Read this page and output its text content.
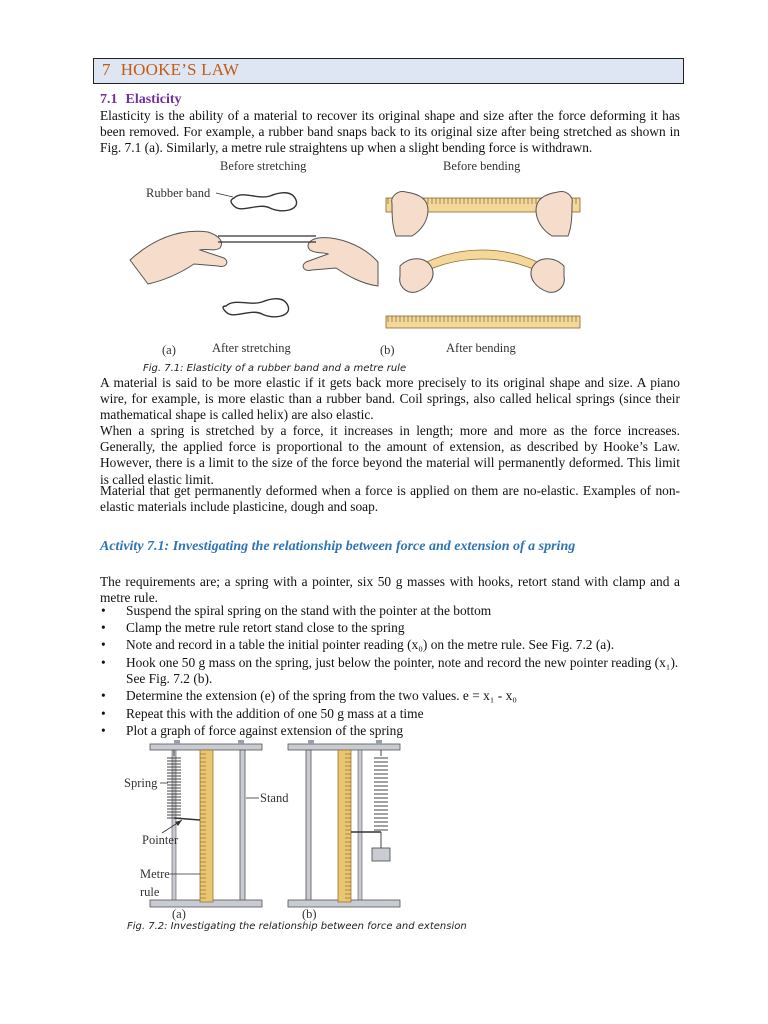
7 HOOKE’S LAW
7.1 Elasticity

Elasticity is the ability of a material to recover its original shape and size after the force deforming it has been removed. For example, a rubber band snaps back to its original size after being stretched as shown in Fig. 7.1 (a). Similarly, a metre rule straightens up when a slight bending force is withdrawn.

Before stretching	Before bending
Rubber band
(a)	After stretching	(b)	After bending
Fig. 7.1: Elasticity of a rubber band and a metre rule

A material is said to be more elastic if it gets back more precisely to its original shape and size. A piano wire, for example, is more elastic than a rubber band. Coil springs, also called helical springs (since their mathematical shape is called helix) are also elastic.

When a spring is stretched by a force, it increases in length; more and more as the force increases. Generally, the applied force is proportional to the amount of extension, as described by Hooke’s Law. However, there is a limit to the size of the force beyond the material will permanently deformed. This limit is called elastic limit.

Material that get permanently deformed when a force is applied on them are no-elastic. Examples of non-elastic materials include plasticine, dough and soap.

Activity 7.1: Investigating the relationship between force and extension of a spring

The requirements are; a spring with a pointer, six 50 g masses with hooks, retort stand with clamp and a metre rule.

• Suspend the spiral spring on the stand with the pointer at the bottom
• Clamp the metre rule retort stand close to the spring
• Note and record in a table the initial pointer reading (x₀) on the metre rule. See Fig. 7.2 (a).
• Hook one 50 g mass on the spring, just below the pointer, note and record the new pointer reading (x₁). See Fig. 7.2 (b).
• Determine the extension (e) of the spring from the two values. e = x₁ - x₀
• Repeat this with the addition of one 50 g mass at a time
• Plot a graph of force against extension of the spring
Spring
Stand
Pointer
Metre
rule
(a)	(b)
Fig. 7.2: Investigating the relationship between force and extension
